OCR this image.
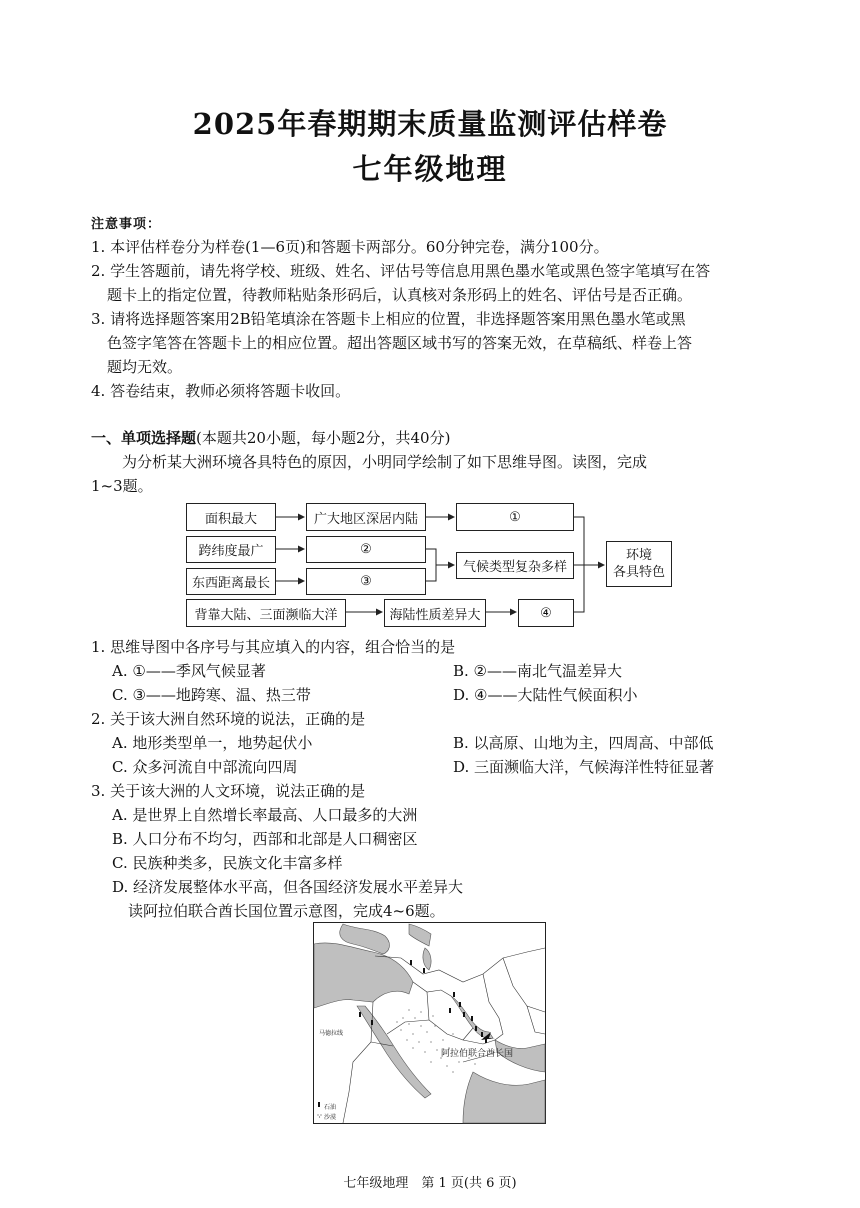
2025年春期期末质量监测评估样卷
七年级地理
注意事项：
1. 本评估样卷分为样卷(1—6页)和答题卡两部分。60分钟完卷，满分100分。
2. 学生答题前，请先将学校、班级、姓名、评估号等信息用黑色墨水笔或黑色签字笔填写在答
题卡上的指定位置，待教师粘贴条形码后，认真核对条形码上的姓名、评估号是否正确。
3. 请将选择题答案用2B铅笔填涂在答题卡上相应的位置，非选择题答案用黑色墨水笔或黑
色签字笔答在答题卡上的相应位置。超出答题区域书写的答案无效，在草稿纸、样卷上答
题均无效。
4. 答卷结束，教师必须将答题卡收回。
一、单项选择题(本题共20小题，每小题2分，共40分)
为分析某大洲环境各具特色的原因，小明同学绘制了如下思维导图。读图，完成
1~3题。
面积最大	广大地区深居内陆	①
跨纬度最广	②
东西距离最长	③
气候类型复杂多样
背靠大陆、三面濒临大洋	海陆性质差异大	④
环境
各具特色
1. 思维导图中各序号与其应填入的内容，组合恰当的是
A. ①——季风气候显著	B. ②——南北气温差异大
C. ③——地跨寒、温、热三带	D. ④——大陆性气候面积小
2. 关于该大洲自然环境的说法，正确的是
A. 地形类型单一，地势起伏小	B. 以高原、山地为主，四周高、中部低
C. 众多河流自中部流向四周	D. 三面濒临大洋，气候海洋性特征显著
3. 关于该大洲的人文环境，说法正确的是
A. 是世界上自然增长率最高、人口最多的大洲
B. 人口分布不均匀，西部和北部是人口稠密区
C. 民族种类多，民族文化丰富多样
D. 经济发展整体水平高，但各国经济发展水平差异大
读阿拉伯联合酋长国位置示意图，完成4~6题。
石油
沙漠
马德拉线
阿拉伯联合酋长国
七年级地理　第 1 页(共 6 页)
